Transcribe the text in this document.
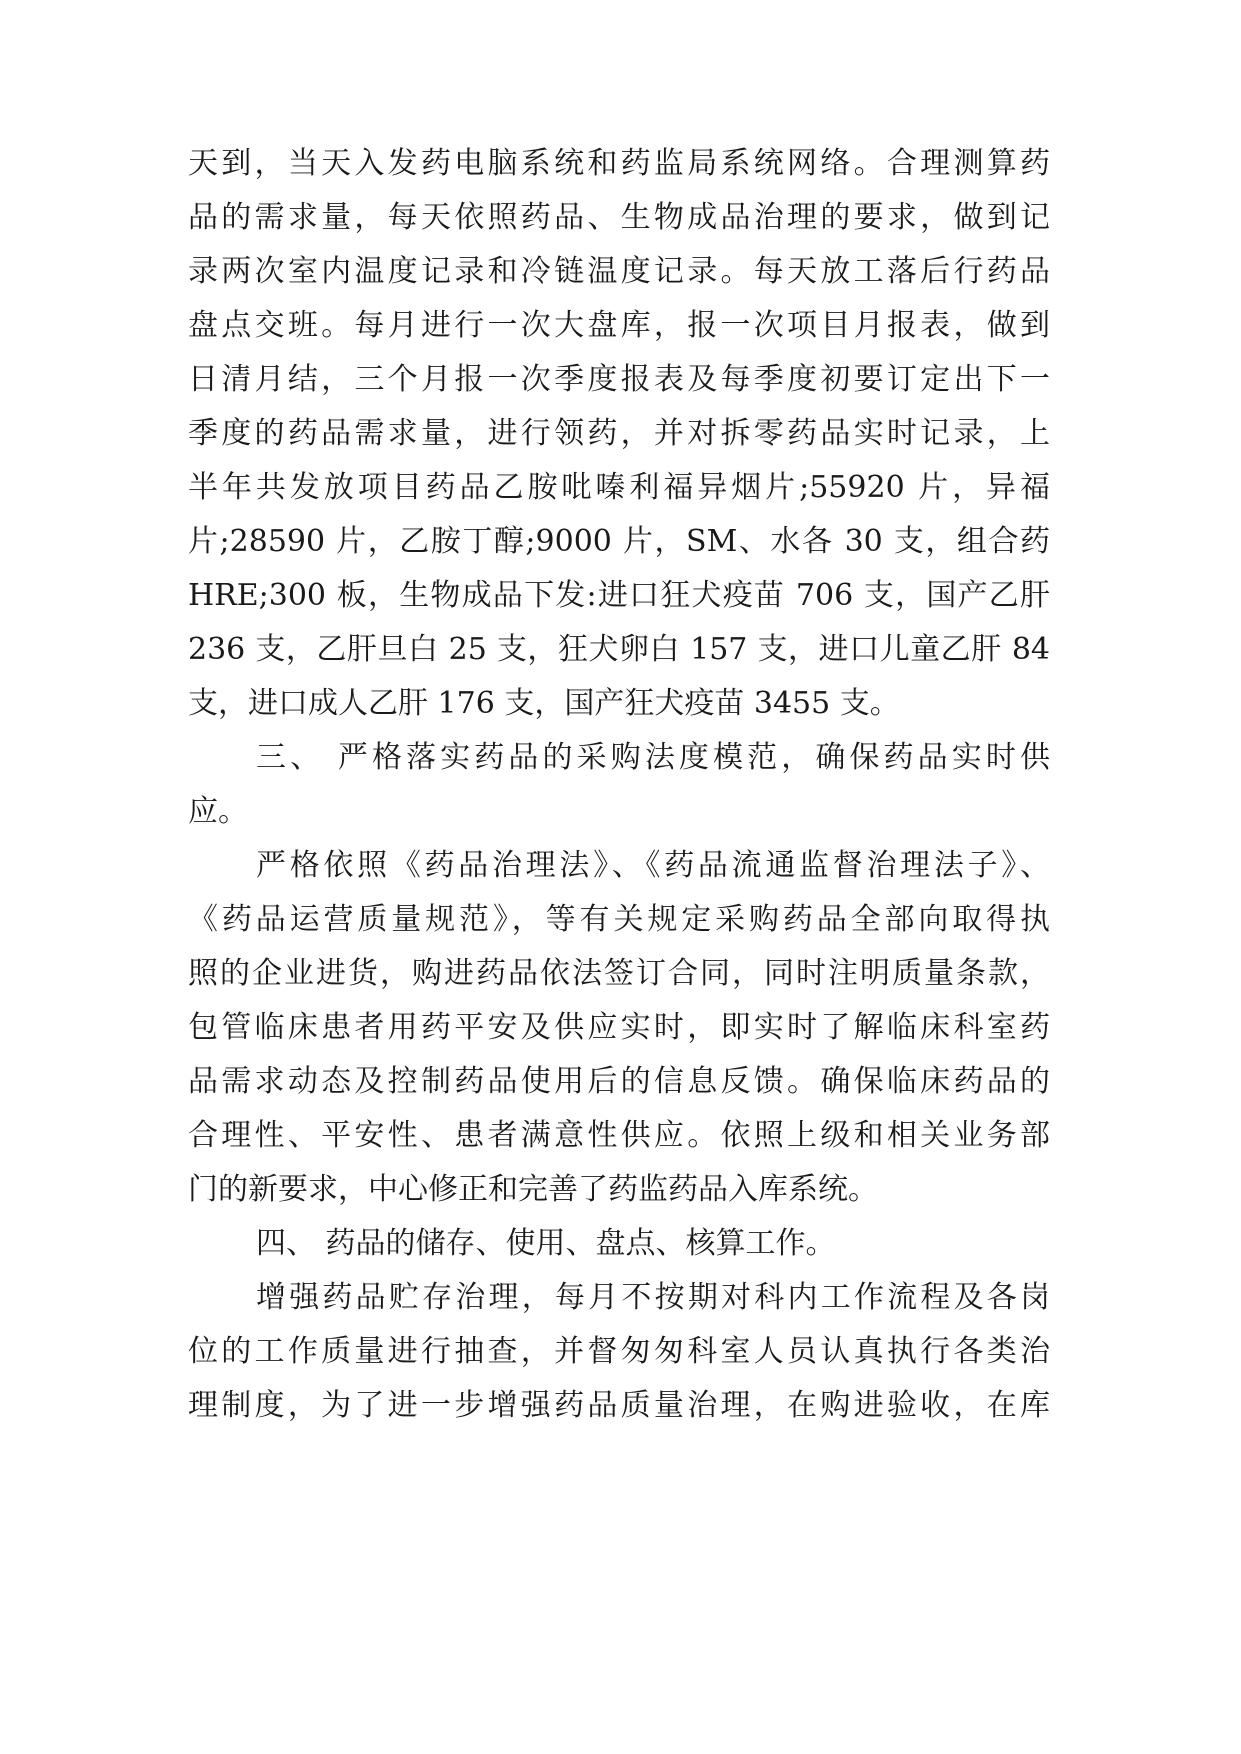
天到，当天入发药电脑系统和药监局系统网络。合理测算药
品的需求量，每天依照药品、生物成品治理的要求，做到记
录两次室内温度记录和冷链温度记录。每天放工落后行药品
盘点交班。每月进行一次大盘库，报一次项目月报表，做到
日清月结，三个月报一次季度报表及每季度初要订定出下一
季度的药品需求量，进行领药，并对拆零药品实时记录，上
半年共发放项目药品乙胺吡嗪利福异烟片;55920 片，异福
片;28590 片，乙胺丁醇;9000 片，SM、水各 30 支，组合药
HRE;300 板，生物成品下发:进口狂犬疫苗 706 支，国产乙肝
236 支，乙肝旦白 25 支，狂犬卵白 157 支，进口儿童乙肝 84
支，进口成人乙肝 176 支，国产狂犬疫苗 3455 支。
三、 严格落实药品的采购法度模范，确保药品实时供
应。
严格依照《药品治理法》、《药品流通监督治理法子》、
《药品运营质量规范》，等有关规定采购药品全部向取得执
照的企业进货，购进药品依法签订合同，同时注明质量条款，
包管临床患者用药平安及供应实时，即实时了解临床科室药
品需求动态及控制药品使用后的信息反馈。确保临床药品的
合理性、平安性、患者满意性供应。依照上级和相关业务部
门的新要求，中心修正和完善了药监药品入库系统。
四、 药品的储存、使用、盘点、核算工作。
增强药品贮存治理，每月不按期对科内工作流程及各岗
位的工作质量进行抽查，并督匆匆科室人员认真执行各类治
理制度，为了进一步增强药品质量治理，在购进验收，在库
